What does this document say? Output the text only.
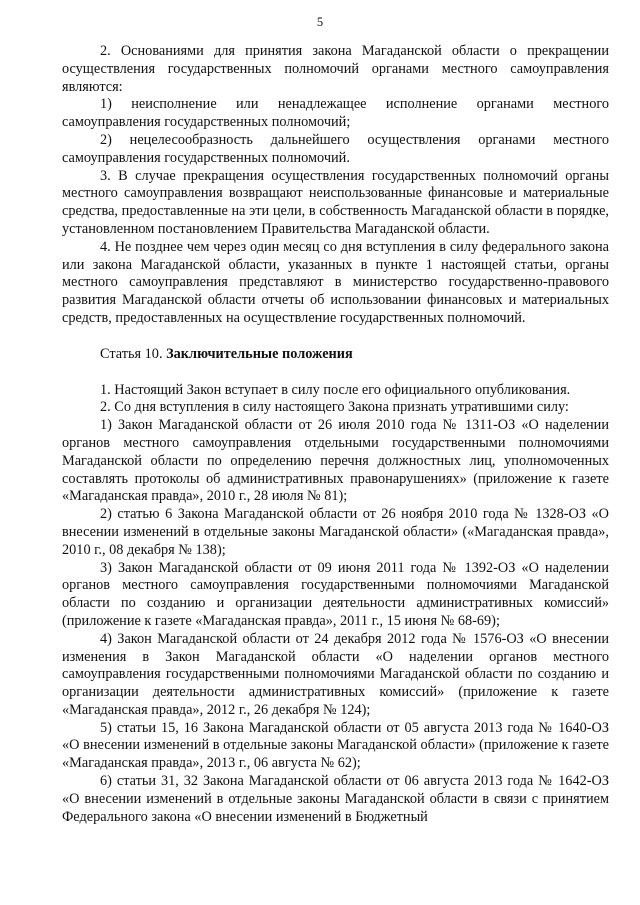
5

2. Основаниями для принятия закона Магаданской области о прекращении осуществления государственных полномочий органами местного самоуправления являются:

1) неисполнение или ненадлежащее исполнение органами местного самоуправления государственных полномочий;

2) нецелесообразность дальнейшего осуществления органами местного самоуправления государственных полномочий.

3. В случае прекращения осуществления государственных полномочий органы местного самоуправления возвращают неиспользованные финансовые и материальные средства, предоставленные на эти цели, в собственность Магаданской области в порядке, установленном постановлением Правительства Магаданской области.

4. Не позднее чем через один месяц со дня вступления в силу федерального закона или закона Магаданской области, указанных в пункте 1 настоящей статьи, органы местного самоуправления представляют в министерство государственно-правового развития Магаданской области отчеты об использовании финансовых и материальных средств, предоставленных на осуществление государственных полномочий.

Статья 10. Заключительные положения

1. Настоящий Закон вступает в силу после его официального опубликования.

2. Со дня вступления в силу настоящего Закона признать утратившими силу:

1) Закон Магаданской области от 26 июля 2010 года № 1311-ОЗ «О наделении органов местного самоуправления отдельными государственными полномочиями Магаданской области по определению перечня должностных лиц, уполномоченных составлять протоколы об административных правонарушениях» (приложение к газете «Магаданская правда», 2010 г., 28 июля № 81);

2) статью 6 Закона Магаданской области от 26 ноября 2010 года № 1328-ОЗ «О внесении изменений в отдельные законы Магаданской области» («Магаданская правда», 2010 г., 08 декабря № 138);

3) Закон Магаданской области от 09 июня 2011 года № 1392-ОЗ «О наделении органов местного самоуправления государственными полномочиями Магаданской области по созданию и организации деятельности административных комиссий» (приложение к газете «Магаданская правда», 2011 г., 15 июня № 68-69);

4) Закон Магаданской области от 24 декабря 2012 года № 1576-ОЗ «О внесении изменения в Закон Магаданской области «О наделении органов местного самоуправления государственными полномочиями Магаданской области по созданию и организации деятельности административных комиссий» (приложение к газете «Магаданская правда», 2012 г., 26 декабря № 124);

5) статьи 15, 16 Закона Магаданской области от 05 августа 2013 года № 1640-ОЗ «О внесении изменений в отдельные законы Магаданской области» (приложение к газете «Магаданская правда», 2013 г., 06 августа № 62);

6) статьи 31, 32 Закона Магаданской области от 06 августа 2013 года № 1642-ОЗ «О внесении изменений в отдельные законы Магаданской области в связи с принятием Федерального закона «О внесении изменений в Бюджетный
